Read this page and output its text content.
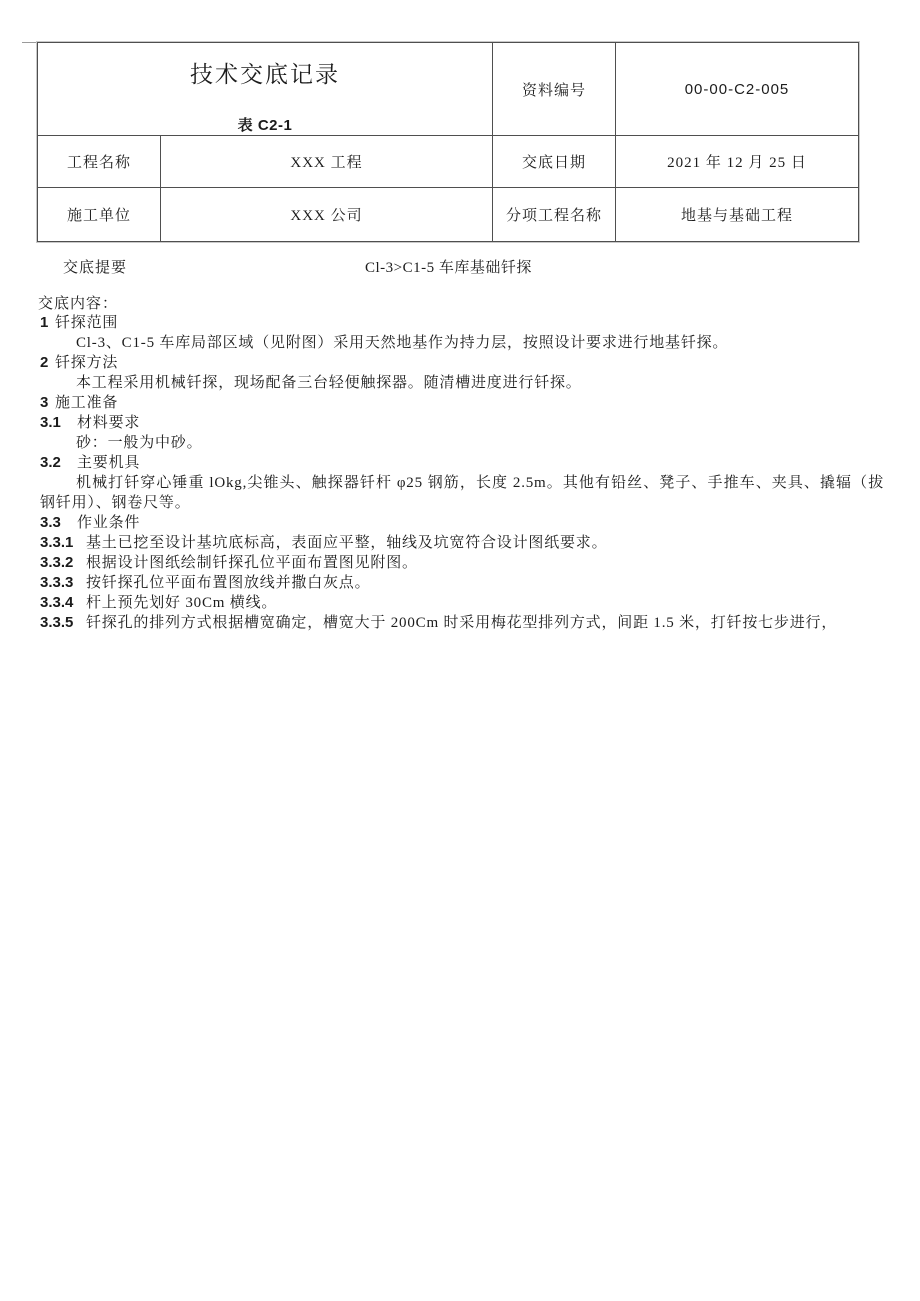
技术交底记录
表 C2-1		资料编号	00-00-C2-005
工程名称	XXX 工程	交底日期	2021 年 12 月 25 日
施工单位	XXX 公司	分项工程名称	地基与基础工程
交底提要	Cl-3>C1-5 车库基础钎探
交底内容：

1 钎探范围

Cl-3、C1-5 车库局部区域（见附图）采用天然地基作为持力层，按照设计要求进行地基钎探。

2 钎探方法

本工程采用机械钎探，现场配备三台轻便触探器。随清槽进度进行钎探。

3 施工准备

3.1	材料要求

砂：一般为中砂。

3.2	主要机具

机械打钎穿心锤重 lOkg,尖锥头、触探器钎杆 φ25 钢筋，长度 2.5m。其他有铅丝、凳子、手推车、夹具、撬辐（拔钢钎用）、钢卷尺等。

3.3	作业条件

3.3.1 基土已挖至设计基坑底标高，表面应平整，轴线及坑宽符合设计图纸要求。

3.3.2 根据设计图纸绘制钎探孔位平面布置图见附图。

3.3.3 按钎探孔位平面布置图放线并撒白灰点。

3.3.4 杆上预先划好 30Cm 横线。

3.3.5 钎探孔的排列方式根据槽宽确定，槽宽大于 200Cm 时采用梅花型排列方式，间距 1.5 米，打钎按七步进行，
